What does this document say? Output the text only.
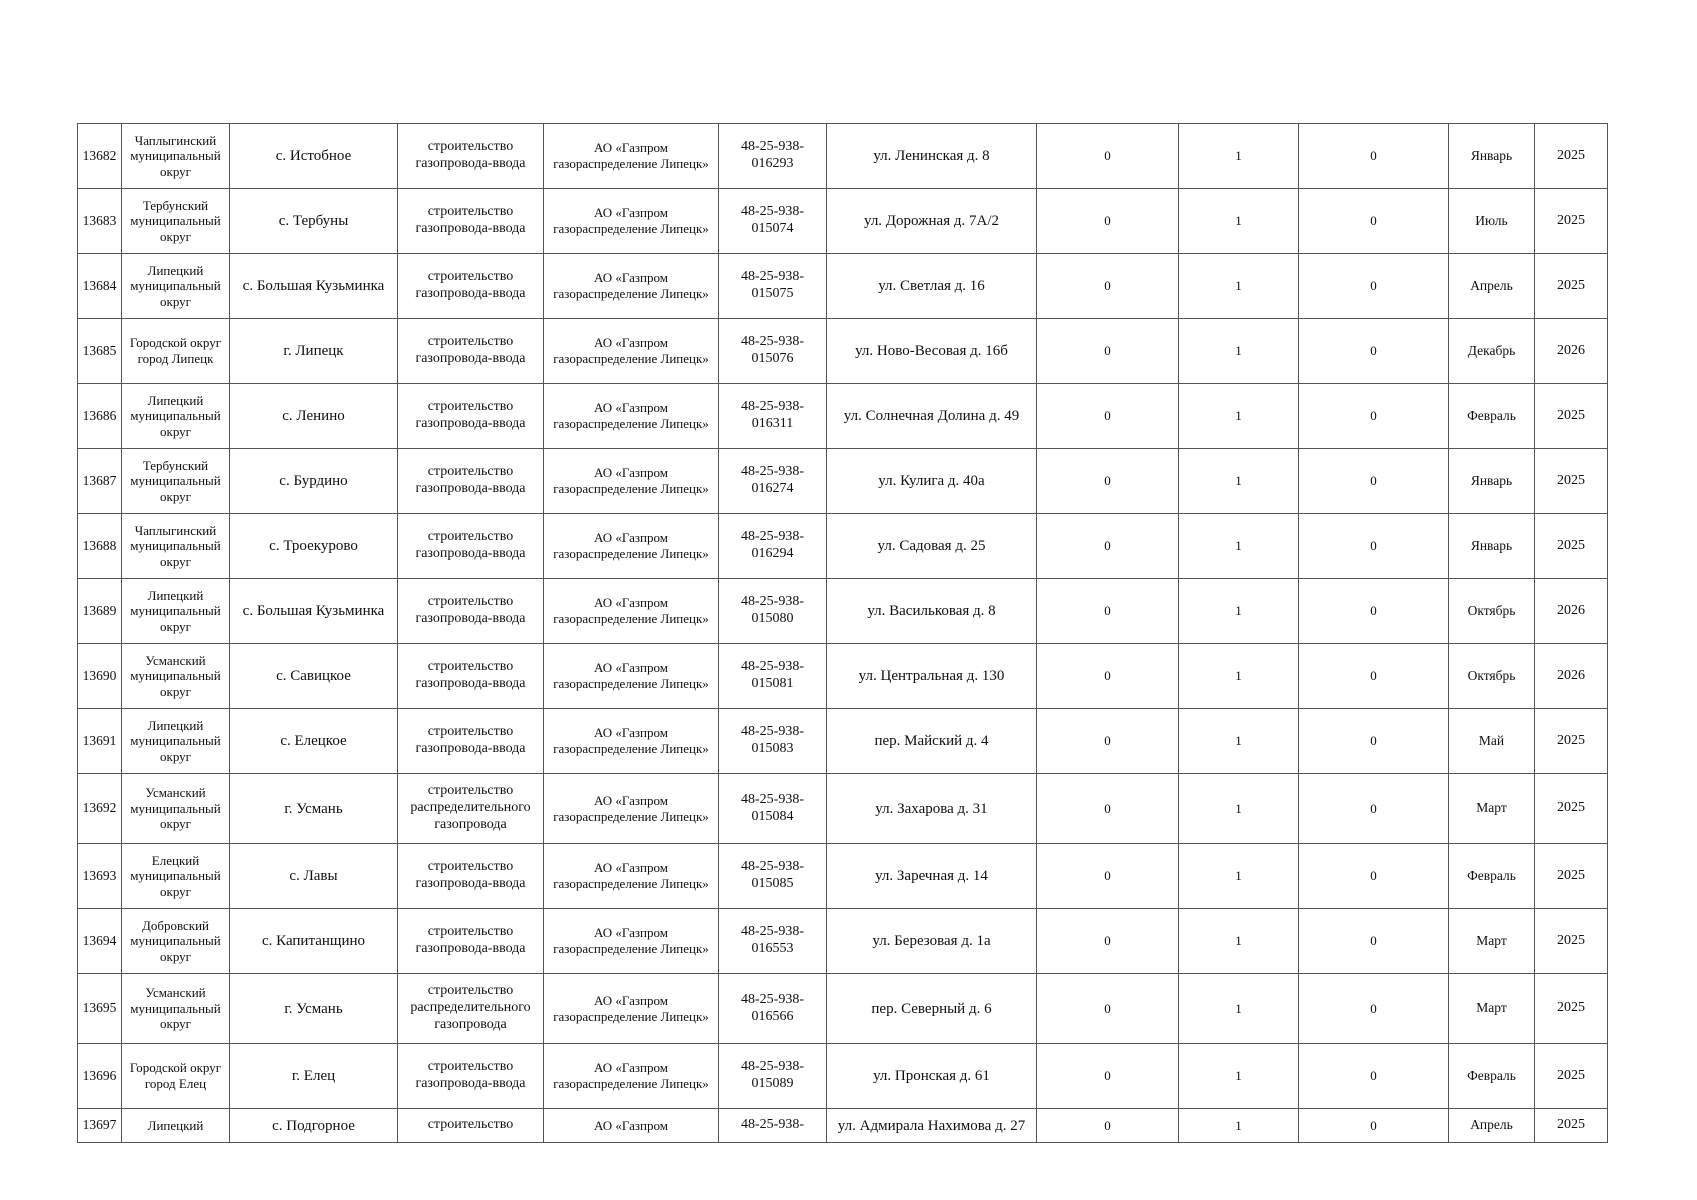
13682	Чаплыгинский муниципальный округ	с. Истобное	строительство газопровода-ввода	АО «Газпром газораспределение Липецк»	48-25-938-016293	ул. Ленинская д. 8	0	1	0	Январь	2025
13683	Тербунский муниципальный округ	с. Тербуны	строительство газопровода-ввода	АО «Газпром газораспределение Липецк»	48-25-938-015074	ул. Дорожная д. 7А/2	0	1	0	Июль	2025
13684	Липецкий муниципальный округ	с. Большая Кузьминка	строительство газопровода-ввода	АО «Газпром газораспределение Липецк»	48-25-938-015075	ул. Светлая д. 16	0	1	0	Апрель	2025
13685	Городской округ город Липецк	г. Липецк	строительство газопровода-ввода	АО «Газпром газораспределение Липецк»	48-25-938-015076	ул. Ново-Весовая д. 16б	0	1	0	Декабрь	2026
13686	Липецкий муниципальный округ	с. Ленино	строительство газопровода-ввода	АО «Газпром газораспределение Липецк»	48-25-938-016311	ул. Солнечная Долина д. 49	0	1	0	Февраль	2025
13687	Тербунский муниципальный округ	с. Бурдино	строительство газопровода-ввода	АО «Газпром газораспределение Липецк»	48-25-938-016274	ул. Кулига д. 40а	0	1	0	Январь	2025
13688	Чаплыгинский муниципальный округ	с. Троекурово	строительство газопровода-ввода	АО «Газпром газораспределение Липецк»	48-25-938-016294	ул. Садовая д. 25	0	1	0	Январь	2025
13689	Липецкий муниципальный округ	с. Большая Кузьминка	строительство газопровода-ввода	АО «Газпром газораспределение Липецк»	48-25-938-015080	ул. Васильковая д. 8	0	1	0	Октябрь	2026
13690	Усманский муниципальный округ	с. Савицкое	строительство газопровода-ввода	АО «Газпром газораспределение Липецк»	48-25-938-015081	ул. Центральная д. 130	0	1	0	Октябрь	2026
13691	Липецкий муниципальный округ	с. Елецкое	строительство газопровода-ввода	АО «Газпром газораспределение Липецк»	48-25-938-015083	пер. Майский д. 4	0	1	0	Май	2025
13692	Усманский муниципальный округ	г. Усмань	строительство распределительного газопровода	АО «Газпром газораспределение Липецк»	48-25-938-015084	ул. Захарова д. 31	0	1	0	Март	2025
13693	Елецкий муниципальный округ	с. Лавы	строительство газопровода-ввода	АО «Газпром газораспределение Липецк»	48-25-938-015085	ул. Заречная д. 14	0	1	0	Февраль	2025
13694	Добровский муниципальный округ	с. Капитанщино	строительство газопровода-ввода	АО «Газпром газораспределение Липецк»	48-25-938-016553	ул. Березовая д. 1а	0	1	0	Март	2025
13695	Усманский муниципальный округ	г. Усмань	строительство распределительного газопровода	АО «Газпром газораспределение Липецк»	48-25-938-016566	пер. Северный д. 6	0	1	0	Март	2025
13696	Городской округ город Елец	г. Елец	строительство газопровода-ввода	АО «Газпром газораспределение Липецк»	48-25-938-015089	ул. Пронская д. 61	0	1	0	Февраль	2025
13697	Липецкий	с. Подгорное	строительство	АО «Газпром	48-25-938-	ул. Адмирала Нахимова д. 27	0	1	0	Апрель	2025
